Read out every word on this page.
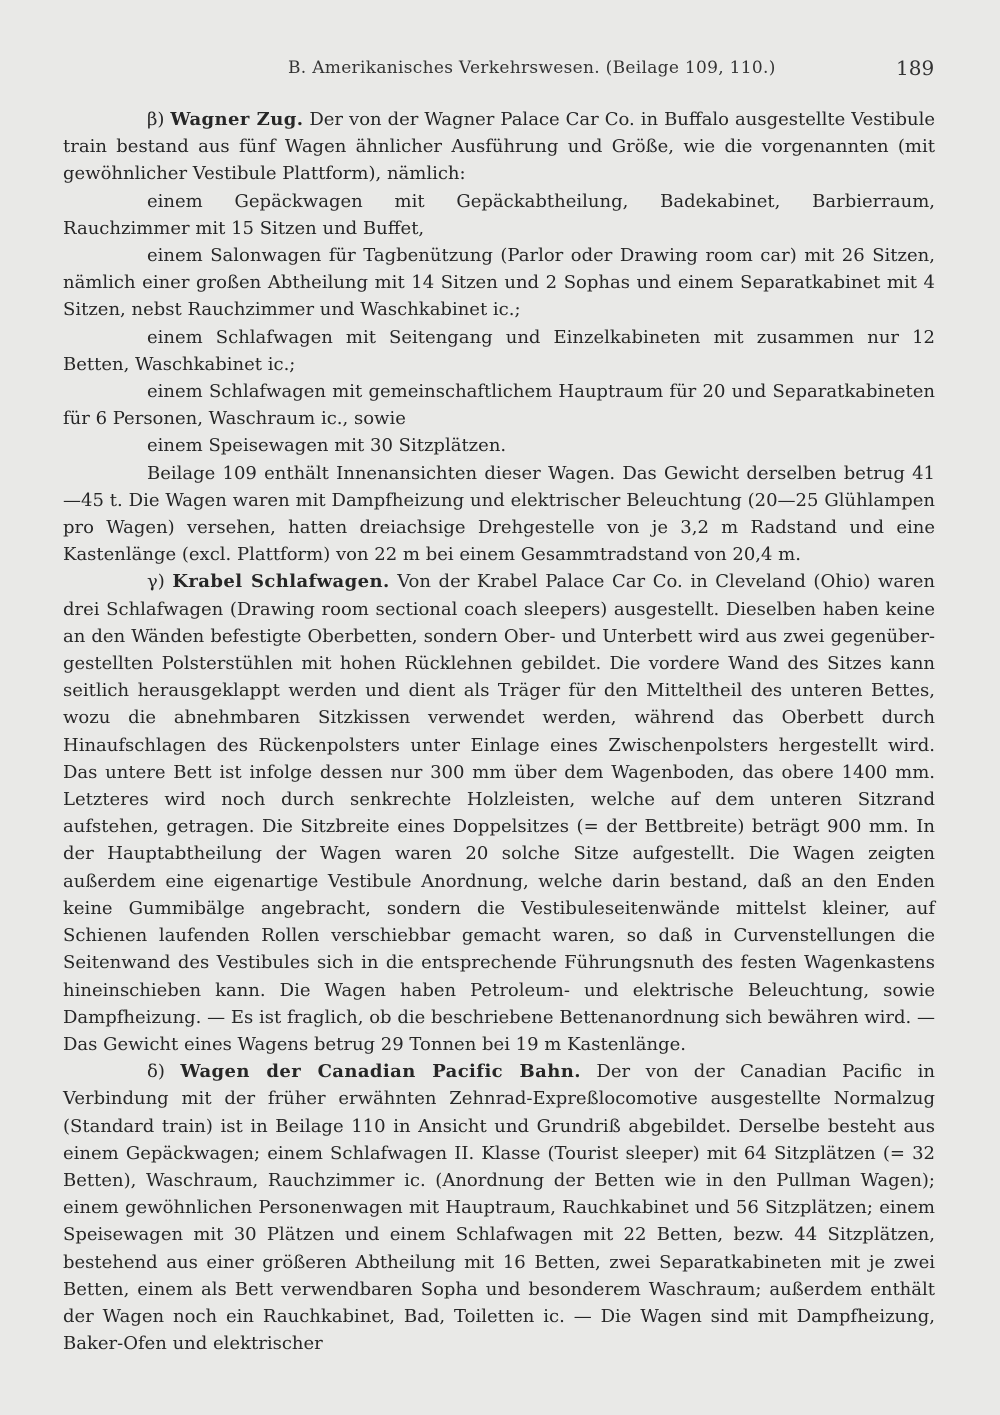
B. Amerikanisches Verkehrswesen. (Beilage 109, 110.)	189

β) Wagner Zug. Der von der Wagner Palace Car Co. in Buffalo ausgestellte Vestibule train bestand aus fünf Wagen ähnlicher Ausführung und Größe, wie die vorgenannten (mit gewöhnlicher Vestibule Plattform), nämlich:

einem Gepäckwagen mit Gepäckabtheilung, Badekabinet, Barbierraum, Rauchzimmer mit 15 Sitzen und Buffet,

einem Salonwagen für Tagbenützung (Parlor oder Drawing room car) mit 26 Sitzen, nämlich einer großen Abtheilung mit 14 Sitzen und 2 Sophas und einem Separatkabinet mit 4 Sitzen, nebst Rauchzimmer und Waschkabinet ic.;

einem Schlafwagen mit Seitengang und Einzelkabineten mit zusammen nur 12 Betten, Waschkabinet ic.;

einem Schlafwagen mit gemeinschaftlichem Hauptraum für 20 und Separatkabineten für 6 Personen, Waschraum ic., sowie

einem Speisewagen mit 30 Sitzplätzen.

Beilage 109 enthält Innenansichten dieser Wagen. Das Gewicht derselben betrug 41—45 t. Die Wagen waren mit Dampfheizung und elektrischer Beleuchtung (20—25 Glühlampen pro Wagen) versehen, hatten dreiachsige Drehgestelle von je 3,2 m Radstand und eine Kastenlänge (excl. Plattform) von 22 m bei einem Gesammtradstand von 20,4 m.

γ) Krabel Schlafwagen. Von der Krabel Palace Car Co. in Cleveland (Ohio) waren drei Schlafwagen (Drawing room sectional coach sleepers) ausgestellt. Dieselben haben keine an den Wänden befestigte Oberbetten, sondern Ober- und Unterbett wird aus zwei gegenüber-gestellten Polsterstühlen mit hohen Rücklehnen gebildet. Die vordere Wand des Sitzes kann seitlich herausgeklappt werden und dient als Träger für den Mitteltheil des unteren Bettes, wozu die abnehmbaren Sitzkissen verwendet werden, während das Oberbett durch Hinaufschlagen des Rückenpolsters unter Einlage eines Zwischenpolsters hergestellt wird. Das untere Bett ist infolge dessen nur 300 mm über dem Wagenboden, das obere 1400 mm. Letzteres wird noch durch senkrechte Holzleisten, welche auf dem unteren Sitzrand aufstehen, getragen. Die Sitzbreite eines Doppelsitzes (= der Bettbreite) beträgt 900 mm. In der Hauptabtheilung der Wagen waren 20 solche Sitze aufgestellt. Die Wagen zeigten außerdem eine eigenartige Vestibule Anordnung, welche darin bestand, daß an den Enden keine Gummibälge angebracht, sondern die Vestibuleseitenwände mittelst kleiner, auf Schienen laufenden Rollen verschiebbar gemacht waren, so daß in Curvenstellungen die Seitenwand des Vestibules sich in die entsprechende Führungsnuth des festen Wagenkastens hineinschieben kann. Die Wagen haben Petroleum- und elektrische Beleuchtung, sowie Dampfheizung. — Es ist fraglich, ob die beschriebene Bettenanordnung sich bewähren wird. — Das Gewicht eines Wagens betrug 29 Tonnen bei 19 m Kastenlänge.

δ) Wagen der Canadian Pacific Bahn. Der von der Canadian Pacific in Verbindung mit der früher erwähnten Zehnrad-Expreßlocomotive ausgestellte Normalzug (Standard train) ist in Beilage 110 in Ansicht und Grundriß abgebildet. Derselbe besteht aus einem Gepäckwagen; einem Schlafwagen II. Klasse (Tourist sleeper) mit 64 Sitzplätzen (= 32 Betten), Waschraum, Rauchzimmer ic. (Anordnung der Betten wie in den Pullman Wagen); einem gewöhnlichen Personenwagen mit Hauptraum, Rauchkabinet und 56 Sitzplätzen; einem Speisewagen mit 30 Plätzen und einem Schlafwagen mit 22 Betten, bezw. 44 Sitzplätzen, bestehend aus einer größeren Abtheilung mit 16 Betten, zwei Separatkabineten mit je zwei Betten, einem als Bett verwendbaren Sopha und besonderem Waschraum; außerdem enthält der Wagen noch ein Rauchkabinet, Bad, Toiletten ic. — Die Wagen sind mit Dampfheizung, Baker-Ofen und elektrischer
